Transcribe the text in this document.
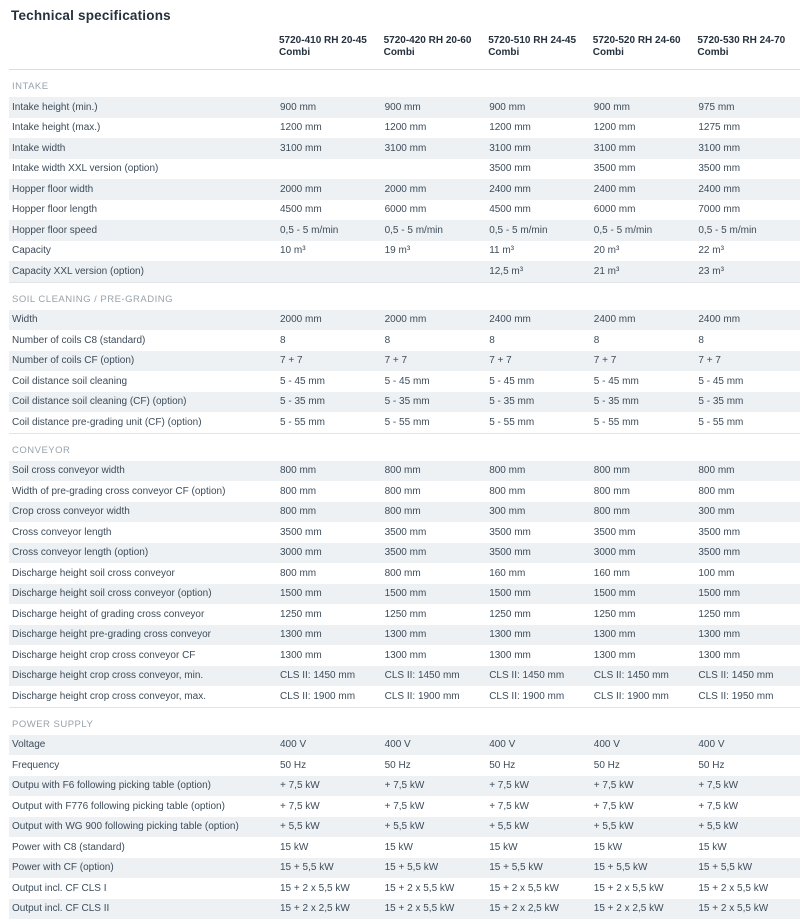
Technical specifications
	5720-410 RH 20-45 Combi	5720-420 RH 20-60 Combi	5720-510 RH 24-45 Combi	5720-520 RH 24-60 Combi	5720-530 RH 24-70 Combi
INTAKE					
Intake height (min.)	900 mm	900 mm	900 mm	900 mm	975 mm
Intake height (max.)	1200 mm	1200 mm	1200 mm	1200 mm	1275 mm
Intake width	3100 mm	3100 mm	3100 mm	3100 mm	3100 mm
Intake width XXL version (option)			3500 mm	3500 mm	3500 mm
Hopper floor width	2000 mm	2000 mm	2400 mm	2400 mm	2400 mm
Hopper floor length	4500 mm	6000 mm	4500 mm	6000 mm	7000 mm
Hopper floor speed	0,5 - 5 m/min	0,5 - 5 m/min	0,5 - 5 m/min	0,5 - 5 m/min	0,5 - 5 m/min
Capacity	10 m³	19 m³	11 m³	20 m³	22 m³
Capacity XXL version (option)			12,5 m³	21 m³	23 m³
SOIL CLEANING / PRE-GRADING					
Width	2000 mm	2000 mm	2400 mm	2400 mm	2400 mm
Number of coils C8 (standard)	8	8	8	8	8
Number of coils CF (option)	7 + 7	7 + 7	7 + 7	7 + 7	7 + 7
Coil distance soil cleaning	5 - 45 mm	5 - 45 mm	5 - 45 mm	5 - 45 mm	5 - 45 mm
Coil distance soil cleaning (CF) (option)	5 - 35 mm	5 - 35 mm	5 - 35 mm	5 - 35 mm	5 - 35 mm
Coil distance pre-grading unit (CF) (option)	5 - 55 mm	5 - 55 mm	5 - 55 mm	5 - 55 mm	5 - 55 mm
CONVEYOR					
Soil cross conveyor width	800 mm	800 mm	800 mm	800 mm	800 mm
Width of pre-grading cross conveyor CF (option)	800 mm	800 mm	800 mm	800 mm	800 mm
Crop cross conveyor width	800 mm	800 mm	300 mm	800 mm	300 mm
Cross conveyor length	3500 mm	3500 mm	3500 mm	3500 mm	3500 mm
Cross conveyor length (option)	3000 mm	3500 mm	3500 mm	3000 mm	3500 mm
Discharge height soil cross conveyor	800 mm	800 mm	160 mm	160 mm	100 mm
Discharge height soil cross conveyor (option)	1500 mm	1500 mm	1500 mm	1500 mm	1500 mm
Discharge height of grading cross conveyor	1250 mm	1250 mm	1250 mm	1250 mm	1250 mm
Discharge height pre-grading cross conveyor	1300 mm	1300 mm	1300 mm	1300 mm	1300 mm
Discharge height crop cross conveyor CF	1300 mm	1300 mm	1300 mm	1300 mm	1300 mm
Discharge height crop cross conveyor, min.	CLS II: 1450 mm	CLS II: 1450 mm	CLS II: 1450 mm	CLS II: 1450 mm	CLS II: 1450 mm
Discharge height crop cross conveyor, max.	CLS II: 1900 mm	CLS II: 1900 mm	CLS II: 1900 mm	CLS II: 1900 mm	CLS II: 1950 mm
POWER SUPPLY					
Voltage	400 V	400 V	400 V	400 V	400 V
Frequency	50 Hz	50 Hz	50 Hz	50 Hz	50 Hz
Outpu with F6 following picking table (option)	+ 7,5 kW	+ 7,5 kW	+ 7,5 kW	+ 7,5 kW	+ 7,5 kW
Output with F776 following picking table (option)	+ 7,5 kW	+ 7,5 kW	+ 7,5 kW	+ 7,5 kW	+ 7,5 kW
Output with WG 900 following picking table (option)	+ 5,5 kW	+ 5,5 kW	+ 5,5 kW	+ 5,5 kW	+ 5,5 kW
Power with C8 (standard)	15 kW	15 kW	15 kW	15 kW	15 kW
Power with CF (option)	15 + 5,5 kW	15 + 5,5 kW	15 + 5,5 kW	15 + 5,5 kW	15 + 5,5 kW
Output incl. CF CLS I	15 + 2 x 5,5 kW	15 + 2 x 5,5 kW	15 + 2 x 5,5 kW	15 + 2 x 5,5 kW	15 + 2 x 5,5 kW
Output incl. CF CLS II	15 + 2 x 2,5 kW	15 + 2 x 5,5 kW	15 + 2 x 2,5 kW	15 + 2 x 2,5 kW	15 + 2 x 5,5 kW
